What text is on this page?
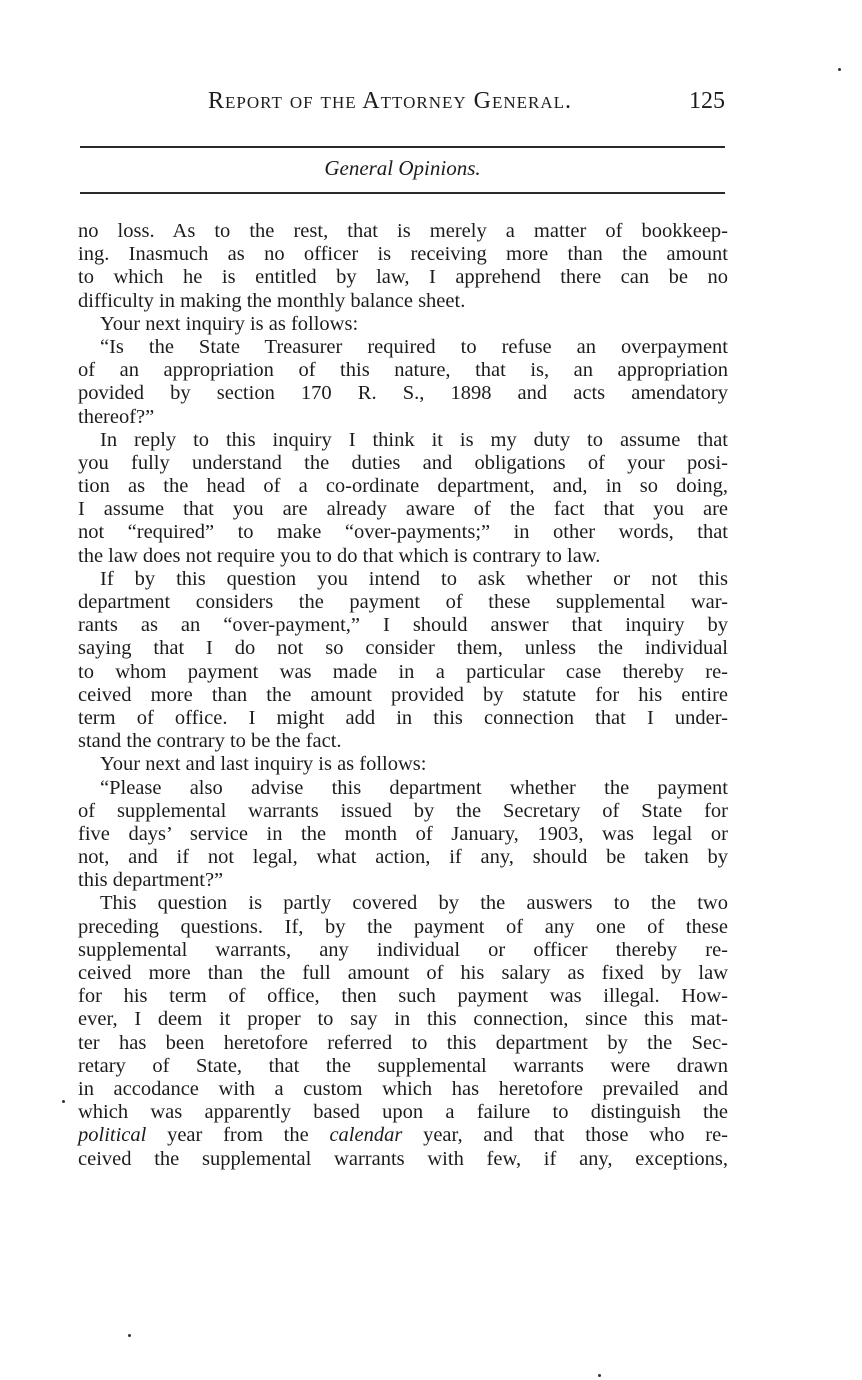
Report of the Attorney General.	125
General Opinions.
no loss. As to the rest, that is merely a matter of bookkeep-
ing. Inasmuch as no officer is receiving more than the amount
to which he is entitled by law, I apprehend there can be no
difficulty in making the monthly balance sheet.
Your next inquiry is as follows:
“Is the State Treasurer required to refuse an overpayment
of an appropriation of this nature, that is, an appropriation
povided by section 170 R. S., 1898 and acts amendatory
thereof?”
In reply to this inquiry I think it is my duty to assume that
you fully understand the duties and obligations of your posi-
tion as the head of a co-ordinate department, and, in so doing,
I assume that you are already aware of the fact that you are
not “required” to make “over-payments;” in other words, that
the law does not require you to do that which is contrary to law.
If by this question you intend to ask whether or not this
department considers the payment of these supplemental war-
rants as an “over-payment,” I should answer that inquiry by
saying that I do not so consider them, unless the individual
to whom payment was made in a particular case thereby re-
ceived more than the amount provided by statute for his entire
term of office. I might add in this connection that I under-
stand the contrary to be the fact.
Your next and last inquiry is as follows:
“Please also advise this department whether the payment
of supplemental warrants issued by the Secretary of State for
five days’ service in the month of January, 1903, was legal or
not, and if not legal, what action, if any, should be taken by
this department?”
This question is partly covered by the auswers to the two
preceding questions. If, by the payment of any one of these
supplemental warrants, any individual or officer thereby re-
ceived more than the full amount of his salary as fixed by law
for his term of office, then such payment was illegal. How-
ever, I deem it proper to say in this connection, since this mat-
ter has been heretofore referred to this department by the Sec-
retary of State, that the supplemental warrants were drawn
in accodance with a custom which has heretofore prevailed and
which was apparently based upon a failure to distinguish the
political year from the calendar year, and that those who re-
ceived the supplemental warrants with few, if any, exceptions,
